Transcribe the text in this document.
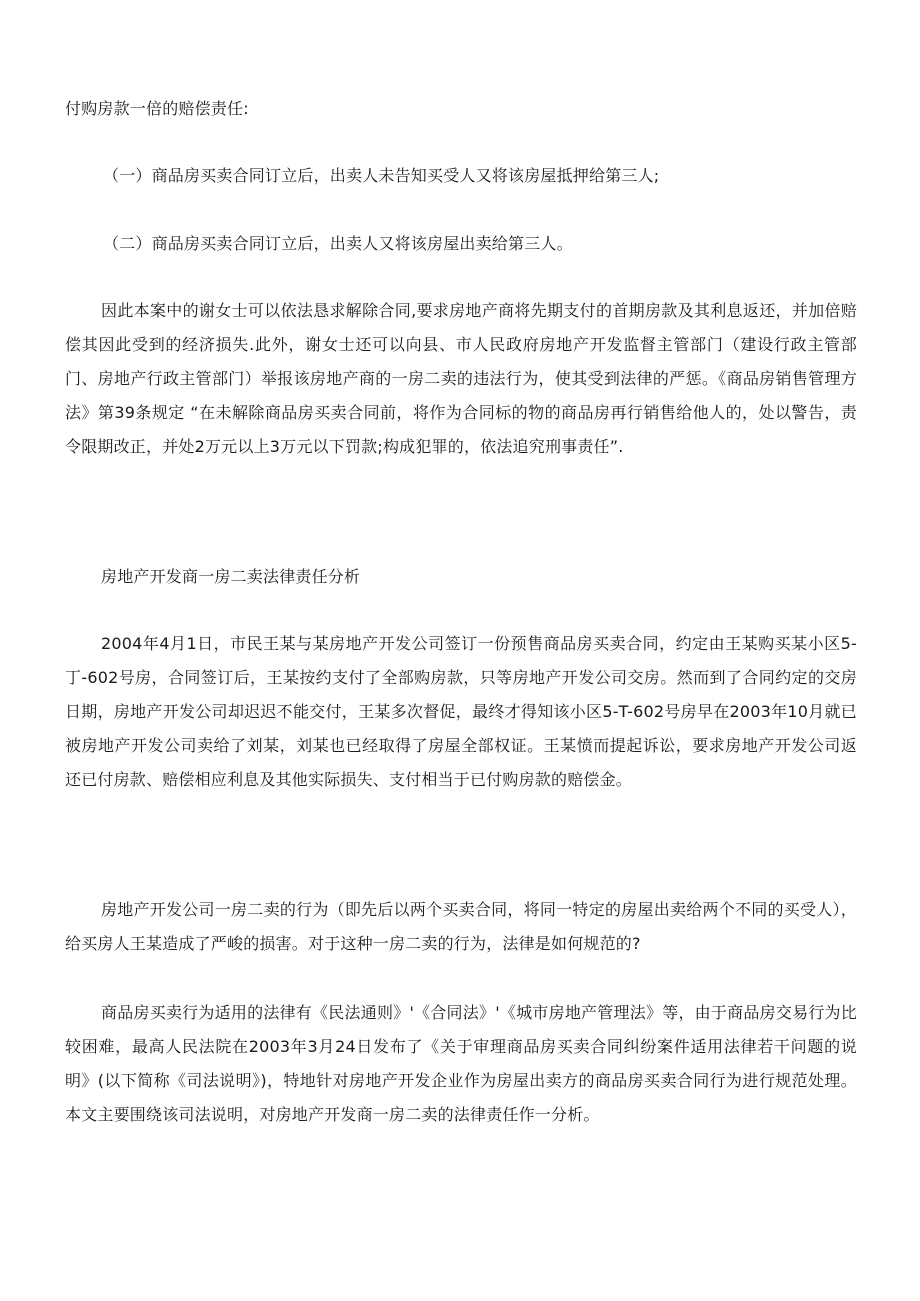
付购房款一倍的赔偿责任:

（一）商品房买卖合同订立后，出卖人未告知买受人又将该房屋抵押给第三人;

（二）商品房买卖合同订立后，出卖人又将该房屋出卖给第三人。

因此本案中的谢女士可以依法恳求解除合同,要求房地产商将先期支付的首期房款及其利息返还，并加倍赔偿其因此受到的经济损失.此外，谢女士还可以向县、市人民政府房地产开发监督主管部门（建设行政主管部门、房地产行政主管部门）举报该房地产商的一房二卖的违法行为，使其受到法律的严惩。《商品房销售管理方法》第39条规定 “在未解除商品房买卖合同前，将作为合同标的物的商品房再行销售给他人的，处以警告，责令限期改正，并处2万元以上3万元以下罚款;构成犯罪的，依法追究刑事责任”.

房地产开发商一房二卖法律责任分析

2004年4月1日，市民王某与某房地产开发公司签订一份预售商品房买卖合同，约定由王某购买某小区5-丁-602号房，合同签订后，王某按约支付了全部购房款，只等房地产开发公司交房。然而到了合同约定的交房日期，房地产开发公司却迟迟不能交付，王某多次督促，最终才得知该小区5-T-602号房早在2003年10月就已被房地产开发公司卖给了刘某，刘某也已经取得了房屋全部权证。王某愤而提起诉讼，要求房地产开发公司返还已付房款、赔偿相应利息及其他实际损失、支付相当于已付购房款的赔偿金。

房地产开发公司一房二卖的行为（即先后以两个买卖合同，将同一特定的房屋出卖给两个不同的买受人），给买房人王某造成了严峻的损害。对于这种一房二卖的行为，法律是如何规范的?

商品房买卖行为适用的法律有《民法通则》'《合同法》'《城市房地产管理法》等，由于商品房交易行为比较困难，最高人民法院在2003年3月24日发布了《关于审理商品房买卖合同纠纷案件适用法律若干问题的说明》(以下简称《司法说明》)，特地针对房地产开发企业作为房屋出卖方的商品房买卖合同行为进行规范处理。本文主要围绕该司法说明，对房地产开发商一房二卖的法律责任作一分析。
